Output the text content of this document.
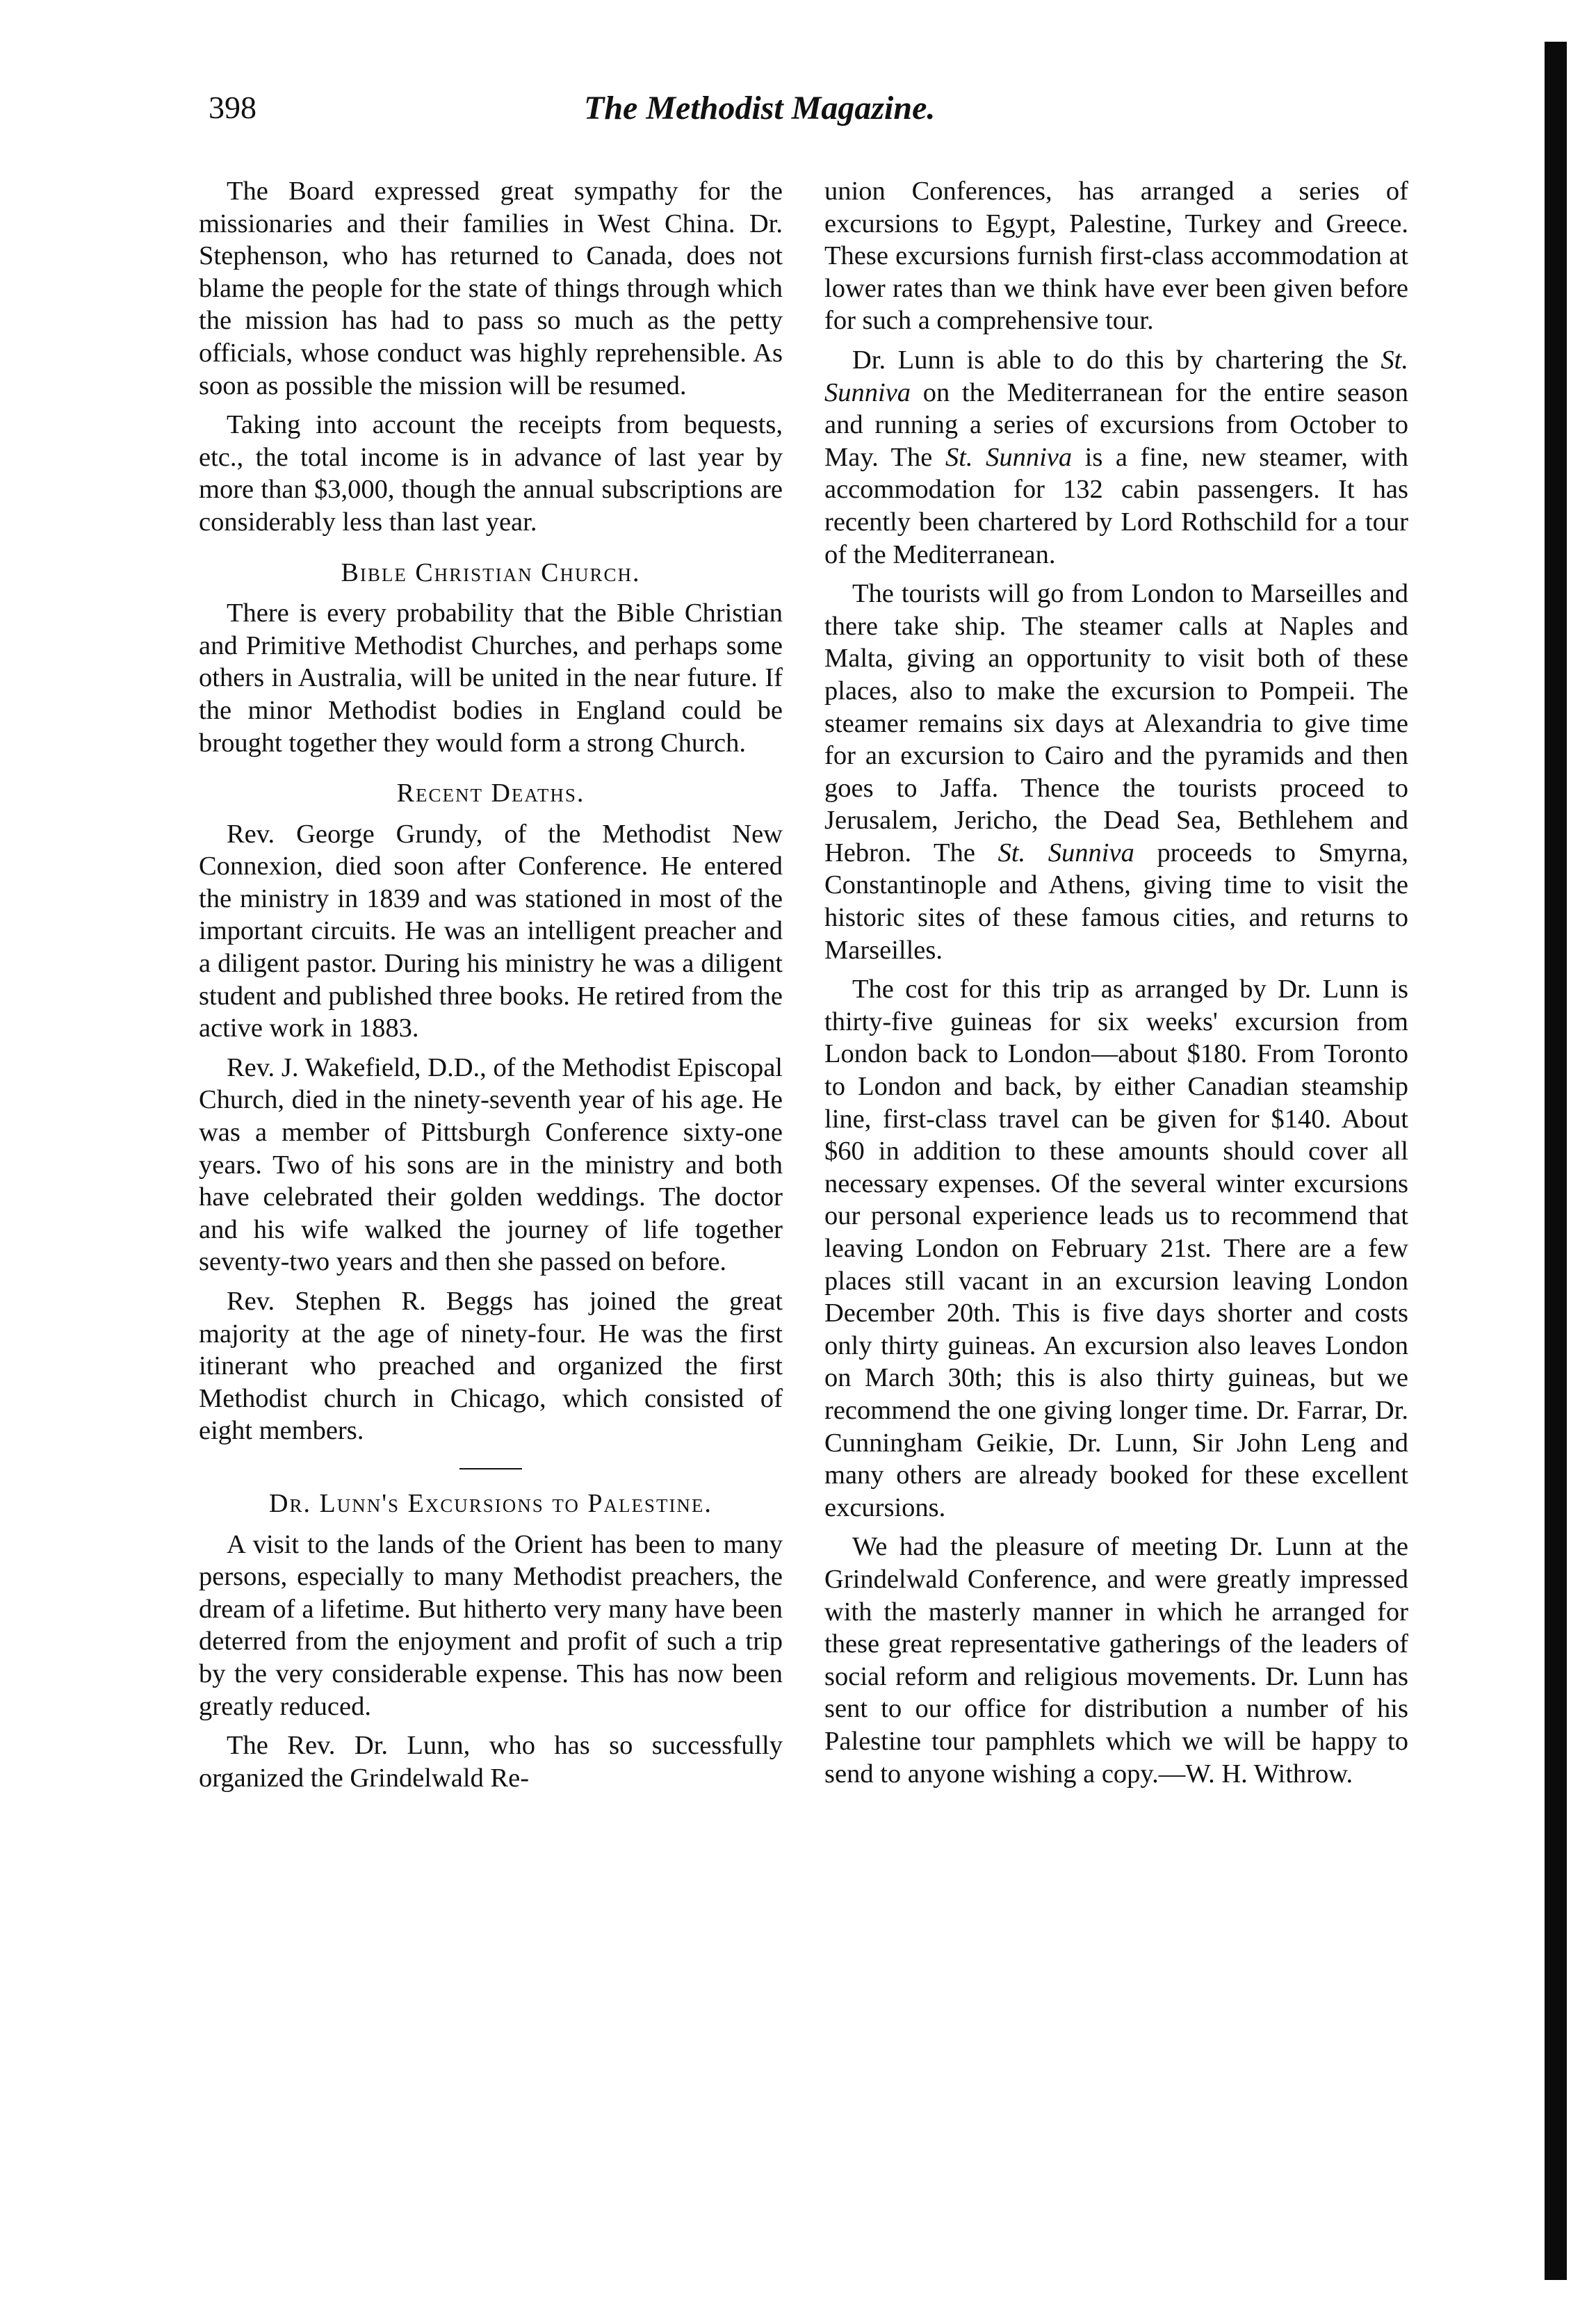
398	The Methodist Magazine.

The Board expressed great sympathy for the missionaries and their families in West China. Dr. Stephenson, who has returned to Canada, does not blame the people for the state of things through which the mission has had to pass so much as the petty officials, whose conduct was highly reprehensible. As soon as possible the mission will be resumed.

Taking into account the receipts from bequests, etc., the total income is in advance of last year by more than $3,000, though the annual subscriptions are considerably less than last year.

Bible Christian Church.

There is every probability that the Bible Christian and Primitive Methodist Churches, and perhaps some others in Australia, will be united in the near future. If the minor Methodist bodies in England could be brought together they would form a strong Church.

Recent Deaths.

Rev. George Grundy, of the Methodist New Connexion, died soon after Conference. He entered the ministry in 1839 and was stationed in most of the important circuits. He was an intelligent preacher and a diligent pastor. During his ministry he was a diligent student and published three books. He retired from the active work in 1883.

Rev. J. Wakefield, D.D., of the Methodist Episcopal Church, died in the ninety-seventh year of his age. He was a member of Pittsburgh Conference sixty-one years. Two of his sons are in the ministry and both have celebrated their golden weddings. The doctor and his wife walked the journey of life together seventy-two years and then she passed on before.

Rev. Stephen R. Beggs has joined the great majority at the age of ninety-four. He was the first itinerant who preached and organized the first Methodist church in Chicago, which consisted of eight members.

Dr. Lunn's Excursions to Palestine.

A visit to the lands of the Orient has been to many persons, especially to many Methodist preachers, the dream of a lifetime. But hitherto very many have been deterred from the enjoyment and profit of such a trip by the very considerable expense. This has now been greatly reduced.

The Rev. Dr. Lunn, who has so successfully organized the Grindelwald Re-

union Conferences, has arranged a series of excursions to Egypt, Palestine, Turkey and Greece. These excursions furnish first-class accommodation at lower rates than we think have ever been given before for such a comprehensive tour.

Dr. Lunn is able to do this by chartering the St. Sunniva on the Mediterranean for the entire season and running a series of excursions from October to May. The St. Sunniva is a fine, new steamer, with accommodation for 132 cabin passengers. It has recently been chartered by Lord Rothschild for a tour of the Mediterranean.

The tourists will go from London to Marseilles and there take ship. The steamer calls at Naples and Malta, giving an opportunity to visit both of these places, also to make the excursion to Pompeii. The steamer remains six days at Alexandria to give time for an excursion to Cairo and the pyramids and then goes to Jaffa. Thence the tourists proceed to Jerusalem, Jericho, the Dead Sea, Bethlehem and Hebron. The St. Sunniva proceeds to Smyrna, Constantinople and Athens, giving time to visit the historic sites of these famous cities, and returns to Marseilles.

The cost for this trip as arranged by Dr. Lunn is thirty-five guineas for six weeks' excursion from London back to London—about $180. From Toronto to London and back, by either Canadian steamship line, first-class travel can be given for $140. About $60 in addition to these amounts should cover all necessary expenses. Of the several winter excursions our personal experience leads us to recommend that leaving London on February 21st. There are a few places still vacant in an excursion leaving London December 20th. This is five days shorter and costs only thirty guineas. An excursion also leaves London on March 30th; this is also thirty guineas, but we recommend the one giving longer time. Dr. Farrar, Dr. Cunningham Geikie, Dr. Lunn, Sir John Leng and many others are already booked for these excellent excursions.

We had the pleasure of meeting Dr. Lunn at the Grindelwald Conference, and were greatly impressed with the masterly manner in which he arranged for these great representative gatherings of the leaders of social reform and religious movements. Dr. Lunn has sent to our office for distribution a number of his Palestine tour pamphlets which we will be happy to send to anyone wishing a copy.—W. H. Withrow.
